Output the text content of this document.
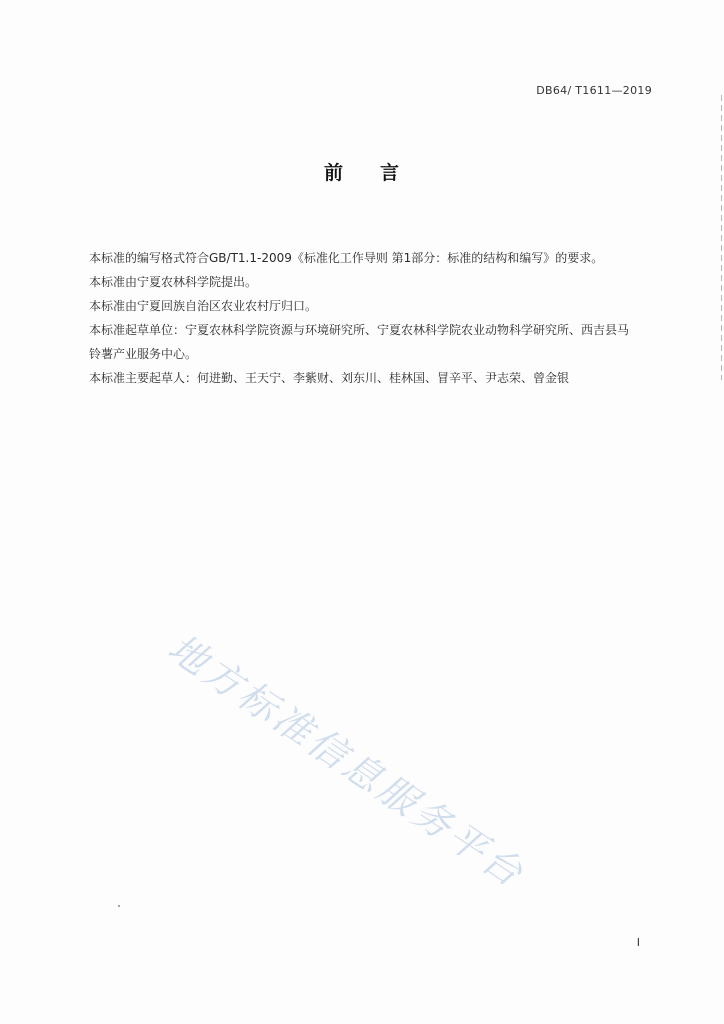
DB64/ T1611—2019
前 言

本标准的编写格式符合GB/T1.1-2009《标准化工作导则 第1部分：标准的结构和编写》的要求。

本标准由宁夏农林科学院提出。

本标准由宁夏回族自治区农业农村厅归口。

本标准起草单位：宁夏农林科学院资源与环境研究所、宁夏农林科学院农业动物科学研究所、西吉县马

铃薯产业服务中心。

本标准主要起草人：何进勤、王天宁、李紫财、刘东川、桂林国、冒辛平、尹志荣、曾金银

地方标准信息服务平台
I
